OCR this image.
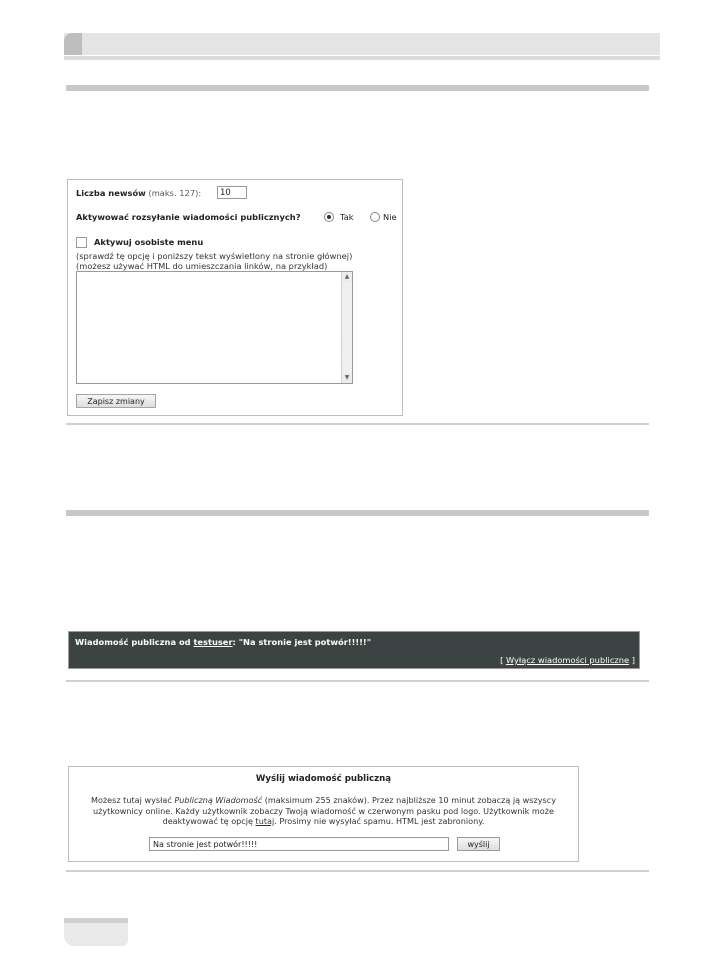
Liczba newsów (maks. 127):	10
Aktywować rozsyłanie wiadomości publicznych?	Tak	Nie
Aktywuj osobiste menu
(sprawdź tę opcję i poniższy tekst wyświetlony na stronie głównej)
(możesz używać HTML do umieszczania linków, na przykład)
▲
▼
Zapisz zmiany
Wiadomość publiczna od testuser: "Na stronie jest potwór!!!!!"
[ Wyłącz wiadomości publiczne ]
Wyślij wiadomość publiczną
Możesz tutaj wysłać Publiczną Wiadomość (maksimum 255 znaków). Przez najbliższe 10 minut zobaczą ją wszyscy użytkownicy online. Każdy użytkownik zobaczy Twoją wiadomość w czerwonym pasku pod logo. Użytkownik może deaktywować tę opcję tutaj. Prosimy nie wysyłać spamu. HTML jest zabroniony.
Na stronie jest potwór!!!!!	wyślij
